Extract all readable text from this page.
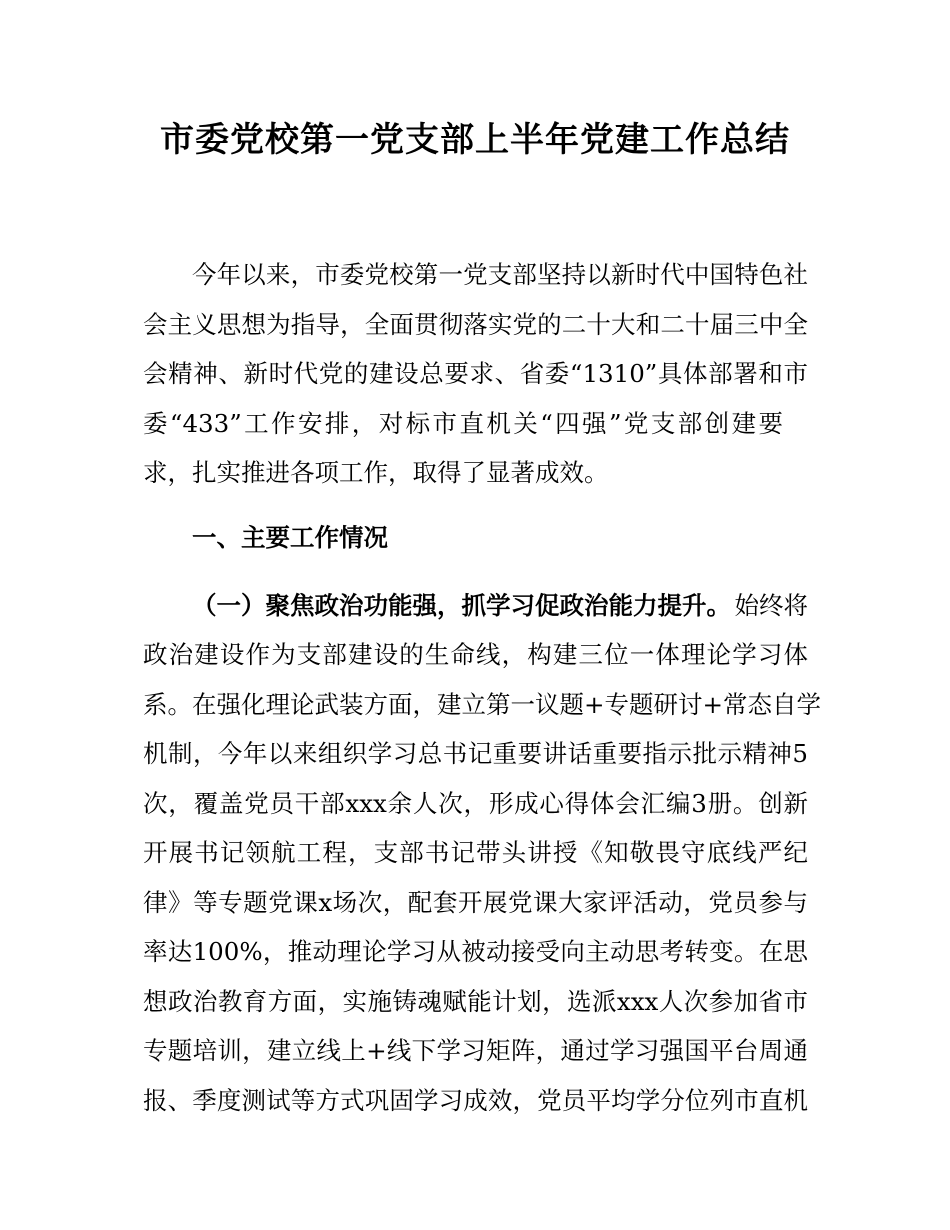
市委党校第一党支部上半年党建工作总结
今年以来，市委党校第一党支部坚持以新时代中国特色社
会主义思想为指导，全面贯彻落实党的二十大和二十届三中全
会精神、新时代党的建设总要求、省委“1310”具体部署和市
委“433”工作安排，对标市直机关“四强”党支部创建要
求，扎实推进各项工作，取得了显著成效。
一、主要工作情况
（一）聚焦政治功能强，抓学习促政治能力提升。 始终将
政治建设作为支部建设的生命线，构建三位一体理论学习体
系。在强化理论武装方面，建立第一议题+专题研讨+常态自学
机制，今年以来组织学习总书记重要讲话重要指示批示精神5
次，覆盖党员干部xxx余人次，形成心得体会汇编3册。创新
开展书记领航工程，支部书记带头讲授《知敬畏守底线严纪
律》等专题党课x场次，配套开展党课大家评活动，党员参与
率达100%，推动理论学习从被动接受向主动思考转变。在思
想政治教育方面，实施铸魂赋能计划，选派xxx人次参加省市
专题培训，建立线上+线下学习矩阵，通过学习强国平台周通
报、季度测试等方式巩固学习成效，党员平均学分位列市直机
